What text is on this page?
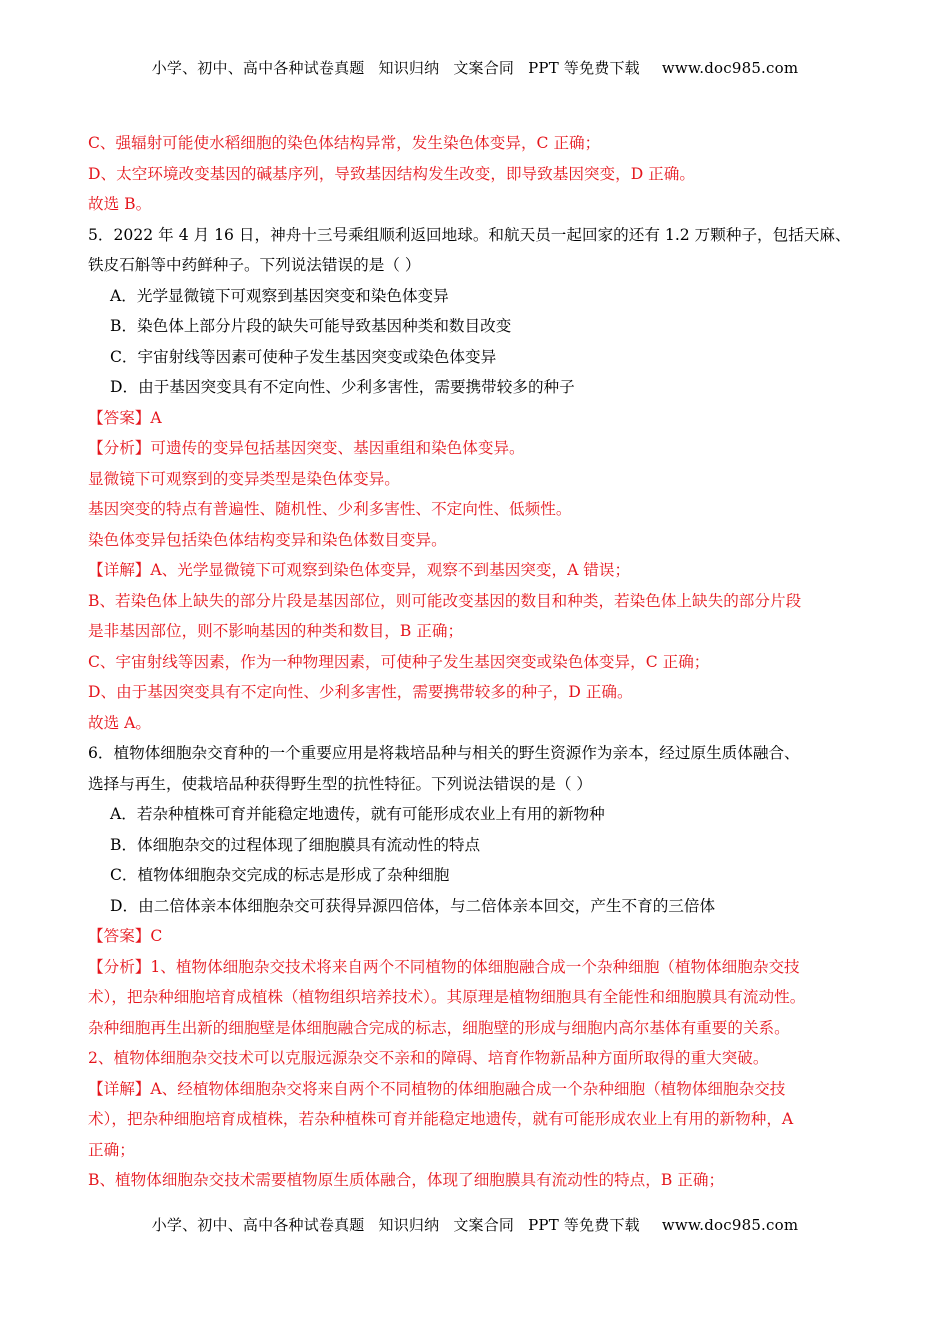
小学、初中、高中各种试卷真题 知识归纳 文案合同 PPT 等免费下载 www.doc985.com
C、强辐射可能使水稻细胞的染色体结构异常，发生染色体变异，C 正确；
D、太空环境改变基因的碱基序列，导致基因结构发生改变，即导致基因突变，D 正确。
故选 B。
5．2022 年 4 月 16 日，神舟十三号乘组顺利返回地球。和航天员一起回家的还有 1.2 万颗种子，包括天麻、
铁皮石斛等中药鲜种子。下列说法错误的是（ ）
A．光学显微镜下可观察到基因突变和染色体变异
B．染色体上部分片段的缺失可能导致基因种类和数目改变
C．宇宙射线等因素可使种子发生基因突变或染色体变异
D．由于基因突变具有不定向性、少利多害性，需要携带较多的种子
【答案】A
【分析】可遗传的变异包括基因突变、基因重组和染色体变异。
显微镜下可观察到的变异类型是染色体变异。
基因突变的特点有普遍性、随机性、少利多害性、不定向性、低频性。
染色体变异包括染色体结构变异和染色体数目变异。
【详解】A、光学显微镜下可观察到染色体变异，观察不到基因突变，A 错误；
B、若染色体上缺失的部分片段是基因部位，则可能改变基因的数目和种类，若染色体上缺失的部分片段
是非基因部位，则不影响基因的种类和数目，B 正确；
C、宇宙射线等因素，作为一种物理因素，可使种子发生基因突变或染色体变异，C 正确；
D、由于基因突变具有不定向性、少利多害性，需要携带较多的种子，D 正确。
故选 A。
6．植物体细胞杂交育种的一个重要应用是将栽培品种与相关的野生资源作为亲本，经过原生质体融合、
选择与再生，使栽培品种获得野生型的抗性特征。下列说法错误的是（ ）
A．若杂种植株可育并能稳定地遗传，就有可能形成农业上有用的新物种
B．体细胞杂交的过程体现了细胞膜具有流动性的特点
C．植物体细胞杂交完成的标志是形成了杂种细胞
D．由二倍体亲本体细胞杂交可获得异源四倍体，与二倍体亲本回交，产生不育的三倍体
【答案】C
【分析】1、植物体细胞杂交技术将来自两个不同植物的体细胞融合成一个杂种细胞（植物体细胞杂交技
术），把杂种细胞培育成植株（植物组织培养技术）。其原理是植物细胞具有全能性和细胞膜具有流动性。
杂种细胞再生出新的细胞壁是体细胞融合完成的标志，细胞壁的形成与细胞内高尔基体有重要的关系。
2、植物体细胞杂交技术可以克服远源杂交不亲和的障碍、培育作物新品种方面所取得的重大突破。
【详解】A、经植物体细胞杂交将来自两个不同植物的体细胞融合成一个杂种细胞（植物体细胞杂交技
术），把杂种细胞培育成植株，若杂种植株可育并能稳定地遗传，就有可能形成农业上有用的新物种，A
正确；
B、植物体细胞杂交技术需要植物原生质体融合，体现了细胞膜具有流动性的特点，B 正确；
小学、初中、高中各种试卷真题 知识归纳 文案合同 PPT 等免费下载 www.doc985.com
